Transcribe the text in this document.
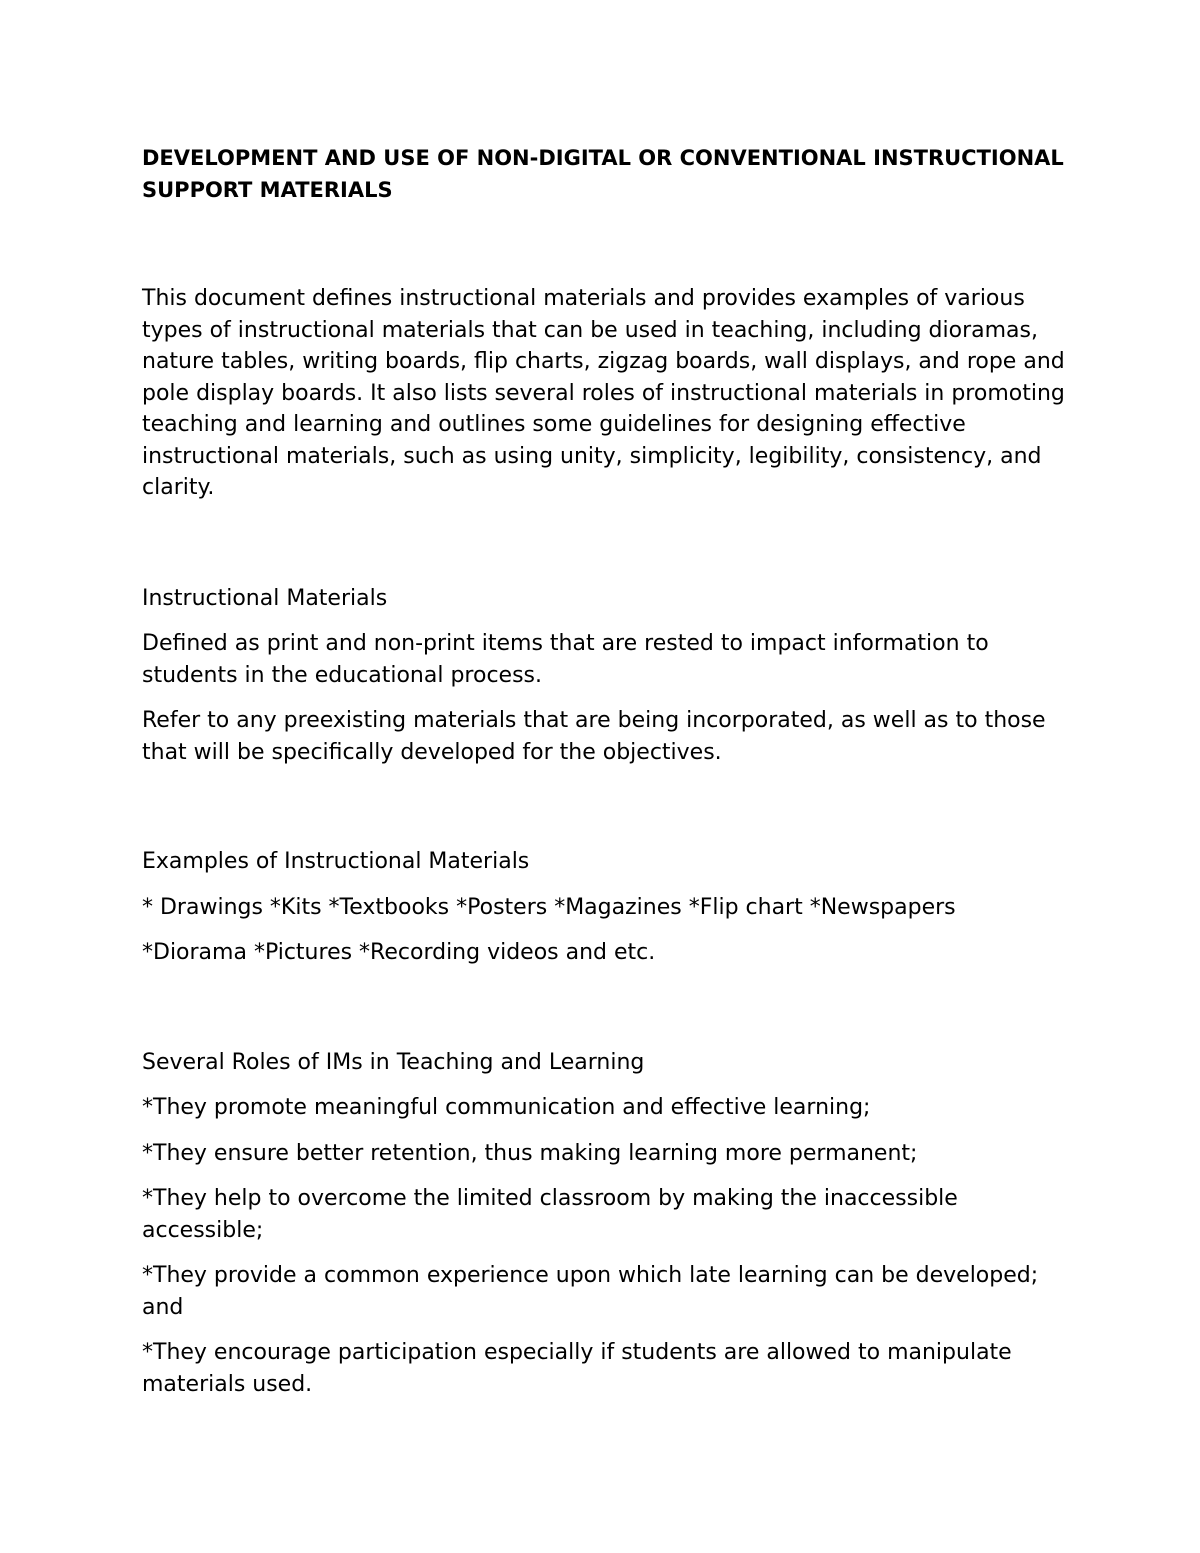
DEVELOPMENT AND USE OF NON-DIGITAL OR CONVENTIONAL INSTRUCTIONAL SUPPORT MATERIALS

This document defines instructional materials and provides examples of various types of instructional materials that can be used in teaching, including dioramas, nature tables, writing boards, flip charts, zigzag boards, wall displays, and rope and pole display boards. It also lists several roles of instructional materials in promoting teaching and learning and outlines some guidelines for designing effective instructional materials, such as using unity, simplicity, legibility, consistency, and clarity.

Instructional Materials

Defined as print and non-print items that are rested to impact information to students in the educational process.

Refer to any preexisting materials that are being incorporated, as well as to those that will be specifically developed for the objectives.

Examples of Instructional Materials

* Drawings *Kits *Textbooks *Posters *Magazines *Flip chart *Newspapers

*Diorama *Pictures *Recording videos and etc.

Several Roles of IMs in Teaching and Learning

*They promote meaningful communication and effective learning;

*They ensure better retention, thus making learning more permanent;

*They help to overcome the limited classroom by making the inaccessible accessible;

*They provide a common experience upon which late learning can be developed; and

*They encourage participation especially if students are allowed to manipulate materials used.
